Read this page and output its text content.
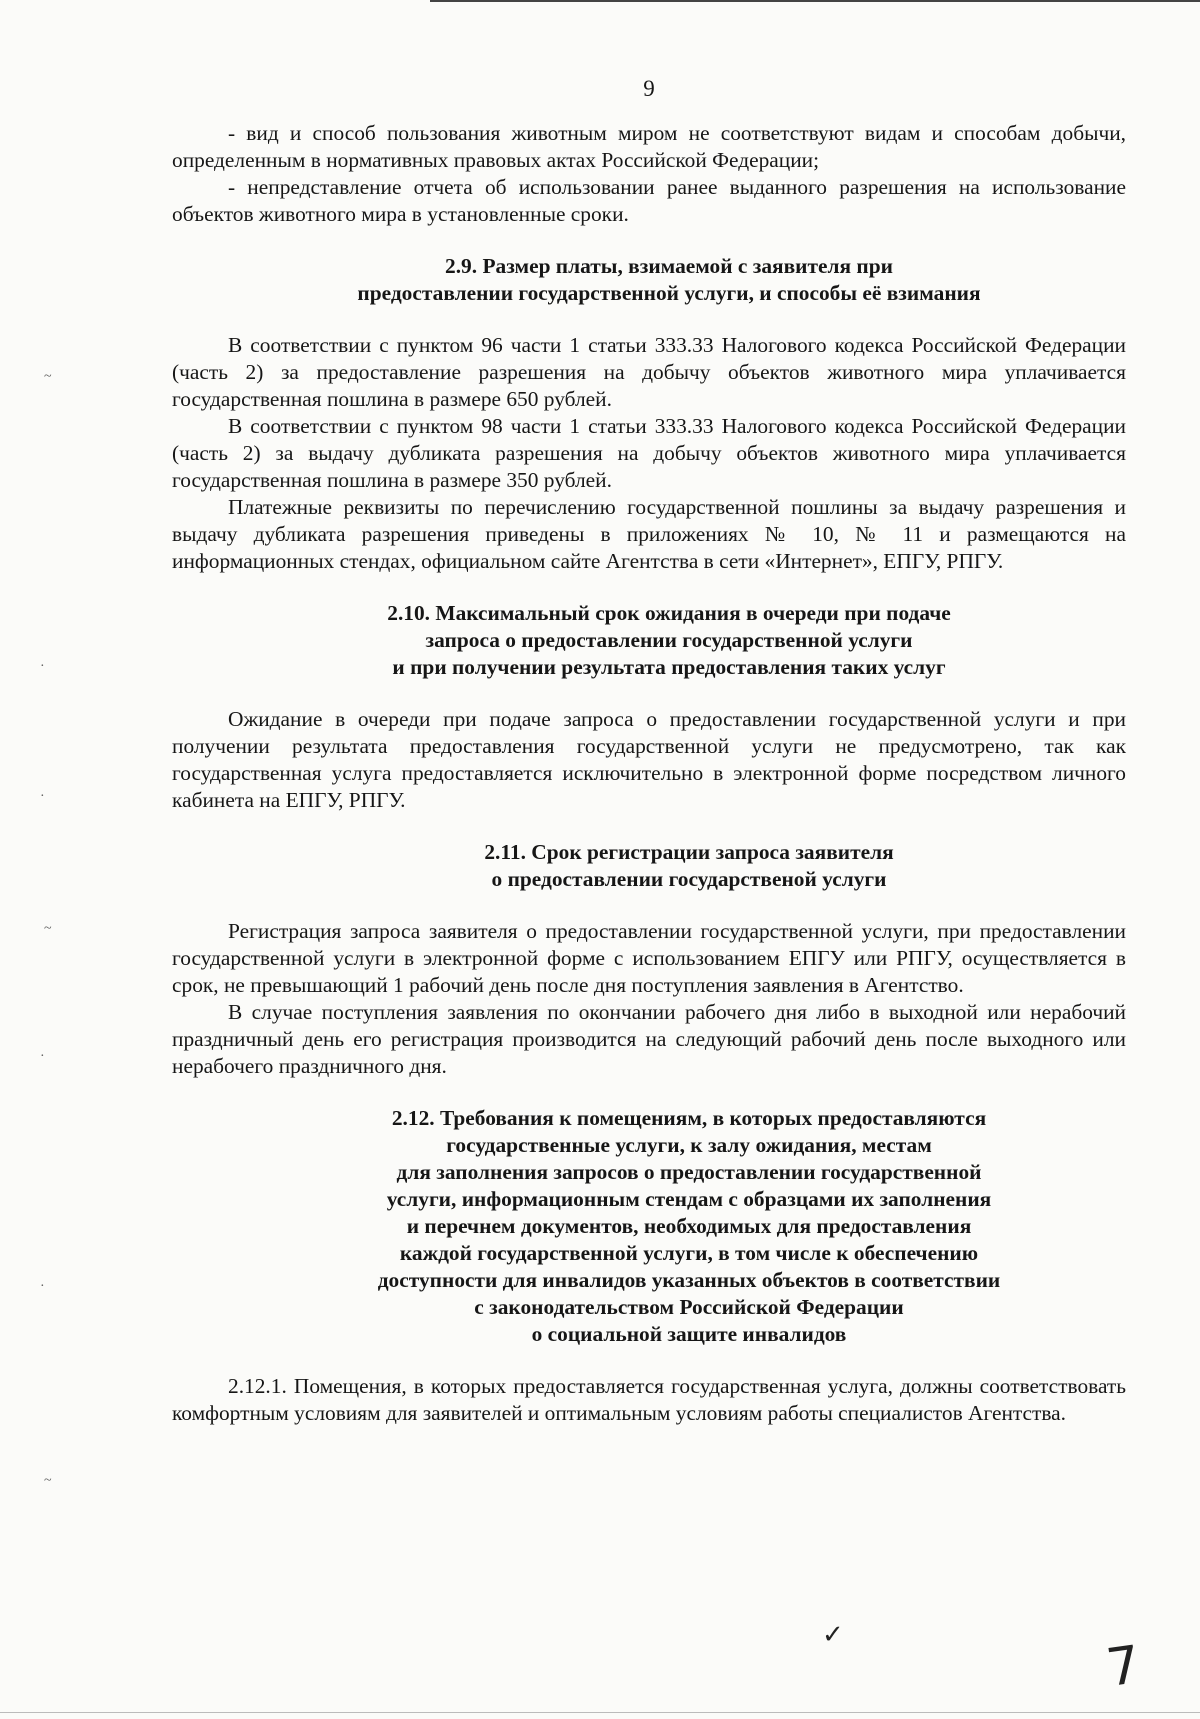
9

- вид и способ пользования животным миром не соответствуют видам и способам добычи, определенным в нормативных правовых актах Российской Федерации;

- непредставление отчета об использовании ранее выданного разрешения на использование объектов животного мира в установленные сроки.

2.9. Размер платы, взимаемой с заявителя при
предоставлении государственной услуги, и способы её взимания

В соответствии с пунктом 96 части 1 статьи 333.33 Налогового кодекса Российской Федерации (часть 2) за предоставление разрешения на добычу объектов животного мира уплачивается государственная пошлина в размере 650 рублей.

В соответствии с пунктом 98 части 1 статьи 333.33 Налогового кодекса Российской Федерации (часть 2) за выдачу дубликата разрешения на добычу объектов животного мира уплачивается государственная пошлина в размере 350 рублей.

Платежные реквизиты по перечислению государственной пошлины за выдачу разрешения и выдачу дубликата разрешения приведены в приложениях № 10, № 11 и размещаются на информационных стендах, официальном сайте Агентства в сети «Интернет», ЕПГУ, РПГУ.

2.10. Максимальный срок ожидания в очереди при подаче
запроса о предоставлении государственной услуги
и при получении результата предоставления таких услуг

Ожидание в очереди при подаче запроса о предоставлении государственной услуги и при получении результата предоставления государственной услуги не предусмотрено, так как государственная услуга предоставляется исключительно в электронной форме посредством личного кабинета на ЕПГУ, РПГУ.

2.11. Срок регистрации запроса заявителя
о предоставлении государственой услуги

Регистрация запроса заявителя о предоставлении государственной услуги, при предоставлении государственной услуги в электронной форме с использованием ЕПГУ или РПГУ, осуществляется в срок, не превышающий 1 рабочий день после дня поступления заявления в Агентство.

В случае поступления заявления по окончании рабочего дня либо в выходной или нерабочий праздничный день его регистрация производится на следующий рабочий день после выходного или нерабочего праздничного дня.

2.12. Требования к помещениям, в которых предоставляются
государственные услуги, к залу ожидания, местам
для заполнения запросов о предоставлении государственной
услуги, информационным стендам с образцами их заполнения
и перечнем документов, необходимых для предоставления
каждой государственной услуги, в том числе к обеспечению
доступности для инвалидов указанных объектов в соответствии
с законодательством Российской Федерации
о социальной защите инвалидов

2.12.1. Помещения, в которых предоставляется государственная услуга, должны соответствовать комфортным условиям для заявителей и оптимальным условиям работы специалистов Агентства.

~
~
~
·
·
·
·
✓	7
